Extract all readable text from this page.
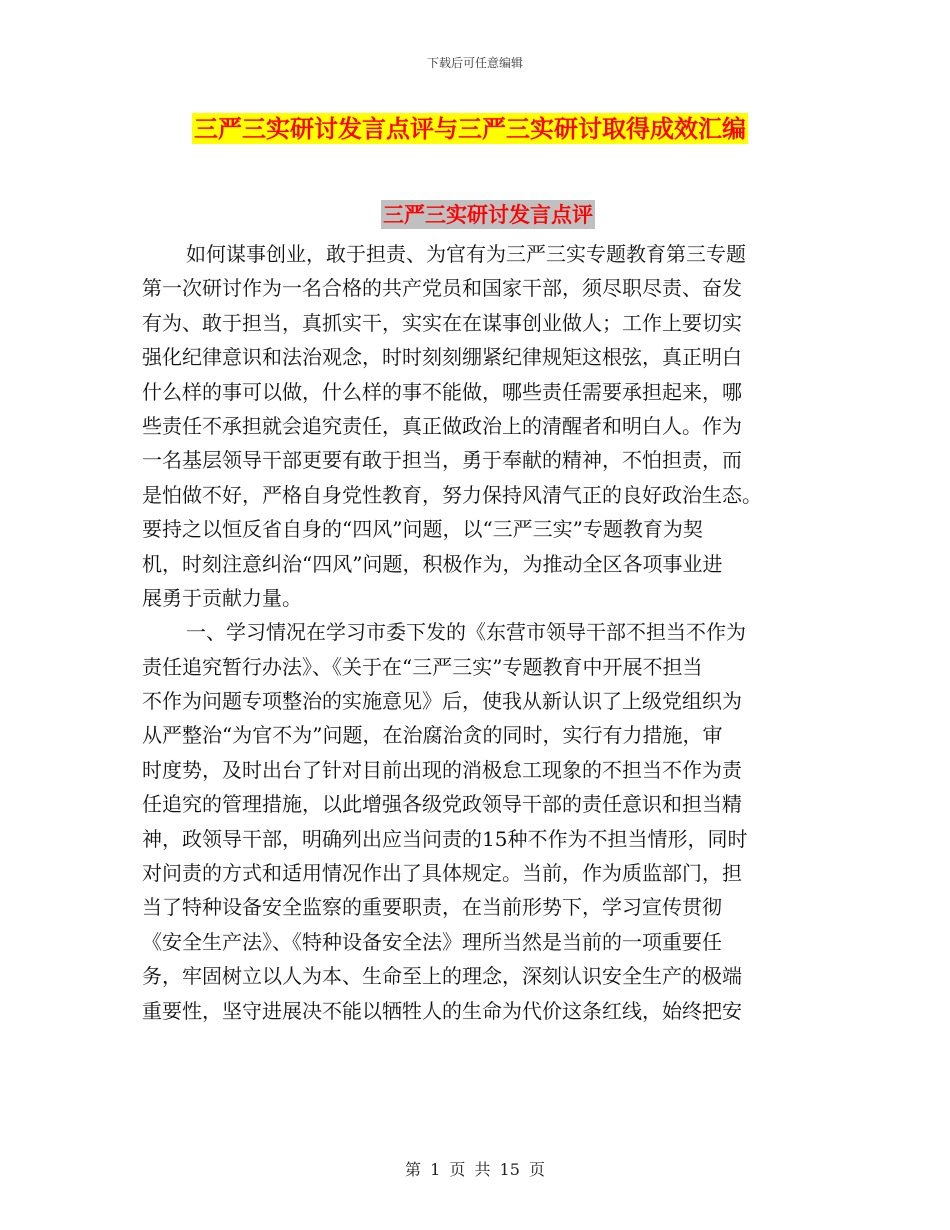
下载后可任意编辑
三严三实研讨发言点评与三严三实研讨取得成效汇编
三严三实研讨发言点评
如何谋事创业，敢于担责、为官有为三严三实专题教育第三专题
第一次研讨作为一名合格的共产党员和国家干部，须尽职尽责、奋发
有为、敢于担当，真抓实干，实实在在谋事创业做人；工作上要切实
强化纪律意识和法治观念，时时刻刻绷紧纪律规矩这根弦，真正明白
什么样的事可以做，什么样的事不能做，哪些责任需要承担起来，哪
些责任不承担就会追究责任，真正做政治上的清醒者和明白人。作为
一名基层领导干部更要有敢于担当，勇于奉献的精神，不怕担责，而
是怕做不好，严格自身党性教育，努力保持风清气正的良好政治生态。
要持之以恒反省自身的“四风”问题，以“三严三实”专题教育为契
机，时刻注意纠治“四风”问题，积极作为，为推动全区各项事业进
展勇于贡献力量。
一、学习情况在学习市委下发的《东营市领导干部不担当不作为
责任追究暂行办法》、《关于在“三严三实”专题教育中开展不担当
不作为问题专项整治的实施意见》后，使我从新认识了上级党组织为
从严整治“为官不为”问题，在治腐治贪的同时，实行有力措施，审
时度势，及时出台了针对目前出现的消极怠工现象的不担当不作为责
任追究的管理措施，以此增强各级党政领导干部的责任意识和担当精
神，政领导干部，明确列出应当问责的15种不作为不担当情形，同时
对问责的方式和适用情况作出了具体规定。当前，作为质监部门，担
当了特种设备安全监察的重要职责，在当前形势下，学习宣传贯彻
《安全生产法》、《特种设备安全法》理所当然是当前的一项重要任
务，牢固树立以人为本、生命至上的理念，深刻认识安全生产的极端
重要性，坚守进展决不能以牺牲人的生命为代价这条红线，始终把安
第 1 页 共 15 页
